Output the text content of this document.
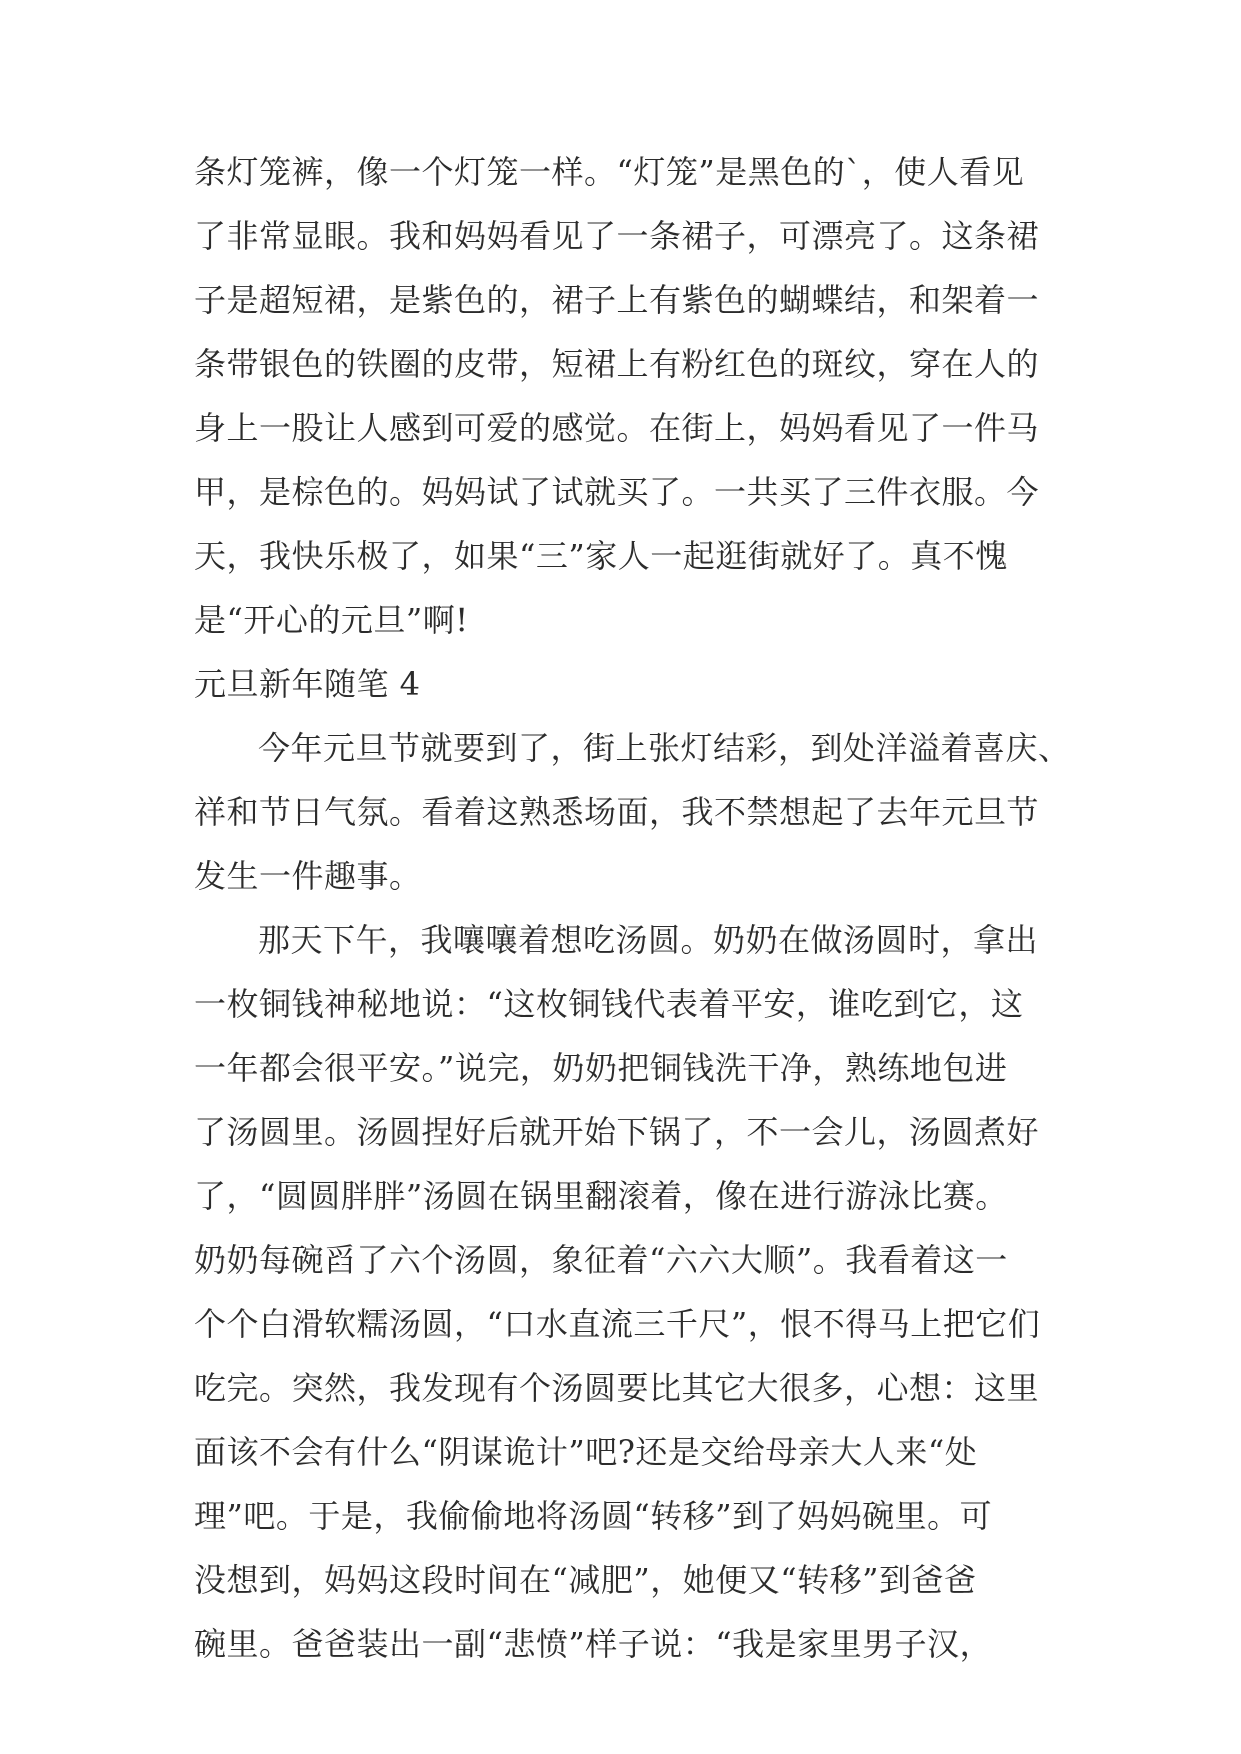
条灯笼裤，像一个灯笼一样。“灯笼”是黑色的`，使人看见
了非常显眼。我和妈妈看见了一条裙子，可漂亮了。这条裙
子是超短裙，是紫色的，裙子上有紫色的蝴蝶结，和架着一
条带银色的铁圈的皮带，短裙上有粉红色的斑纹，穿在人的
身上一股让人感到可爱的感觉。在街上，妈妈看见了一件马
甲，是棕色的。妈妈试了试就买了。一共买了三件衣服。今
天，我快乐极了，如果“三”家人一起逛街就好了。真不愧
是“开心的元旦”啊!
元旦新年随笔 4
今年元旦节就要到了，街上张灯结彩，到处洋溢着喜庆、
祥和节日气氛。看着这熟悉场面，我不禁想起了去年元旦节
发生一件趣事。
那天下午，我嚷嚷着想吃汤圆。奶奶在做汤圆时，拿出
一枚铜钱神秘地说：“这枚铜钱代表着平安，谁吃到它，这
一年都会很平安。”说完，奶奶把铜钱洗干净，熟练地包进
了汤圆里。汤圆捏好后就开始下锅了，不一会儿，汤圆煮好
了，“圆圆胖胖”汤圆在锅里翻滚着，像在进行游泳比赛。
奶奶每碗舀了六个汤圆，象征着“六六大顺”。我看着这一
个个白滑软糯汤圆，“口水直流三千尺”，恨不得马上把它们
吃完。突然，我发现有个汤圆要比其它大很多，心想：这里
面该不会有什么“阴谋诡计”吧?还是交给母亲大人来“处
理”吧。于是，我偷偷地将汤圆“转移”到了妈妈碗里。可
没想到，妈妈这段时间在“减肥”，她便又“转移”到爸爸
碗里。爸爸装出一副“悲愤”样子说：“我是家里男子汉，
